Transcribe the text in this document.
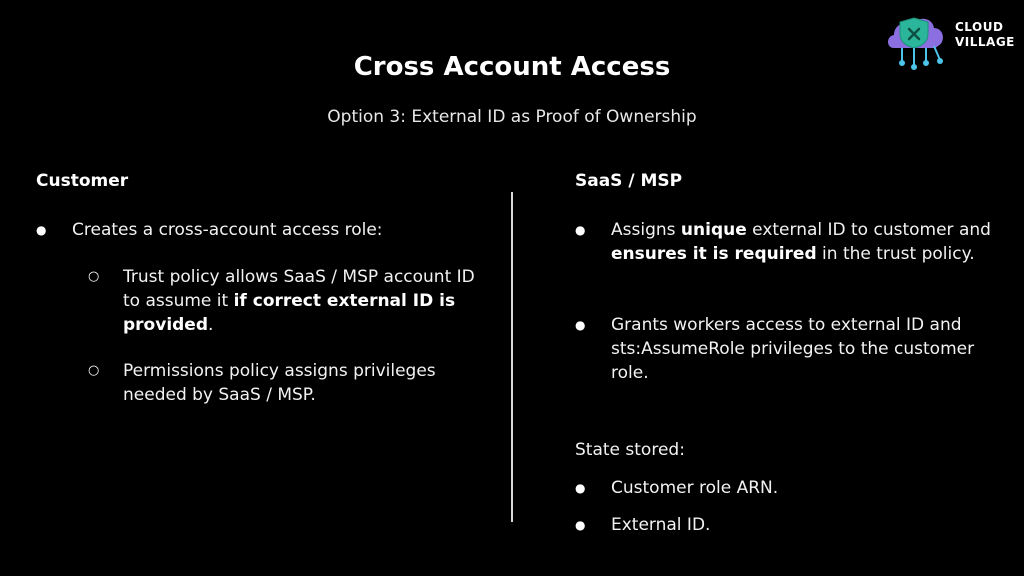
CLOUD
VILLAGE
Cross Account Access
Option 3: External ID as Proof of Ownership
Customer
● Creates a cross-account access role:
○ Trust policy allows SaaS / MSP account ID to assume it if correct external ID is provided.
○ Permissions policy assigns privileges needed by SaaS / MSP.
SaaS / MSP
● Assigns unique external ID to customer and ensures it is required in the trust policy.
● Grants workers access to external ID and sts:AssumeRole privileges to the customer role.
State stored:
● Customer role ARN.
● External ID.
